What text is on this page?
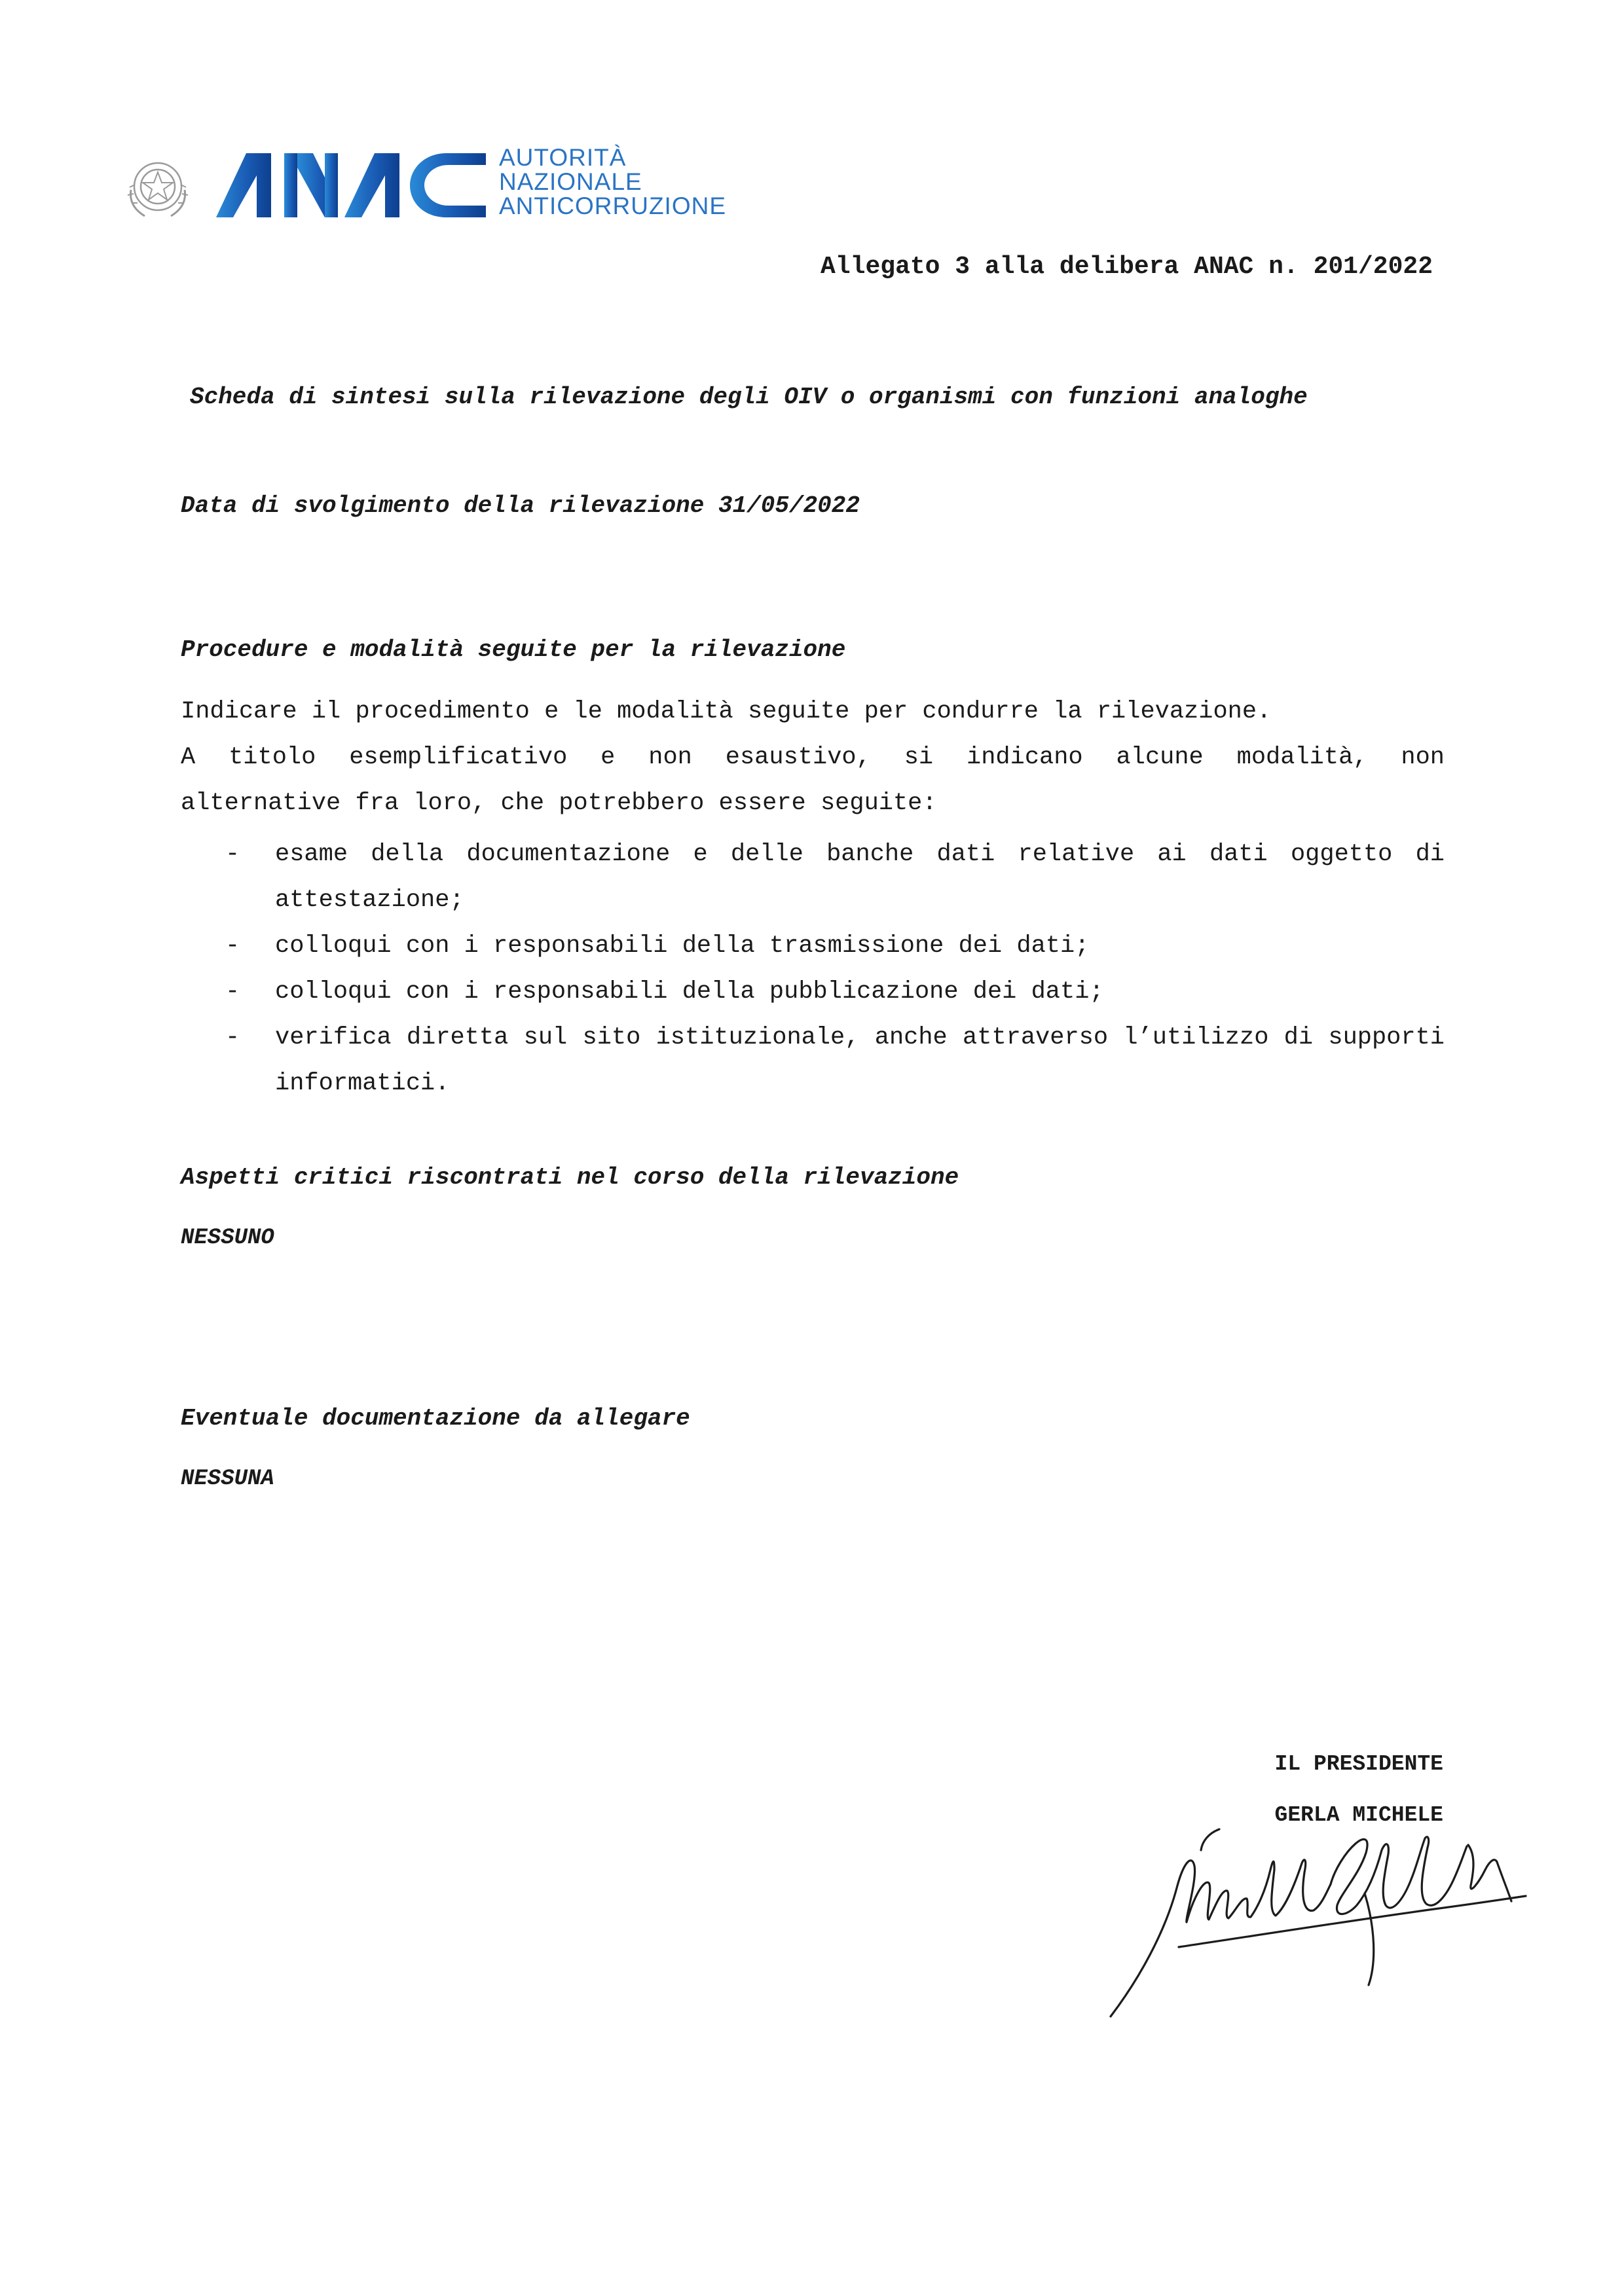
AUTORITÀ
NAZIONALE
ANTICORRUZIONE
Allegato 3 alla delibera ANAC n. 201/2022
Scheda di sintesi sulla rilevazione degli OIV o organismi con funzioni analoghe
Data di svolgimento della rilevazione 31/05/2022
Procedure e modalità seguite per la rilevazione
Indicare il procedimento e le modalità seguite per condurre la rilevazione.
A titolo esemplificativo e non esaustivo, si indicano alcune modalità, non
alternative fra loro, che potrebbero essere seguite:
- esame della documentazione e delle banche dati relative ai dati oggetto di attestazione;
- colloqui con i responsabili della trasmissione dei dati;
- colloqui con i responsabili della pubblicazione dei dati;
- verifica diretta sul sito istituzionale, anche attraverso l’utilizzo di supporti informatici.
Aspetti critici riscontrati nel corso della rilevazione
NESSUNO
Eventuale documentazione da allegare
NESSUNA
IL PRESIDENTE
GERLA MICHELE
